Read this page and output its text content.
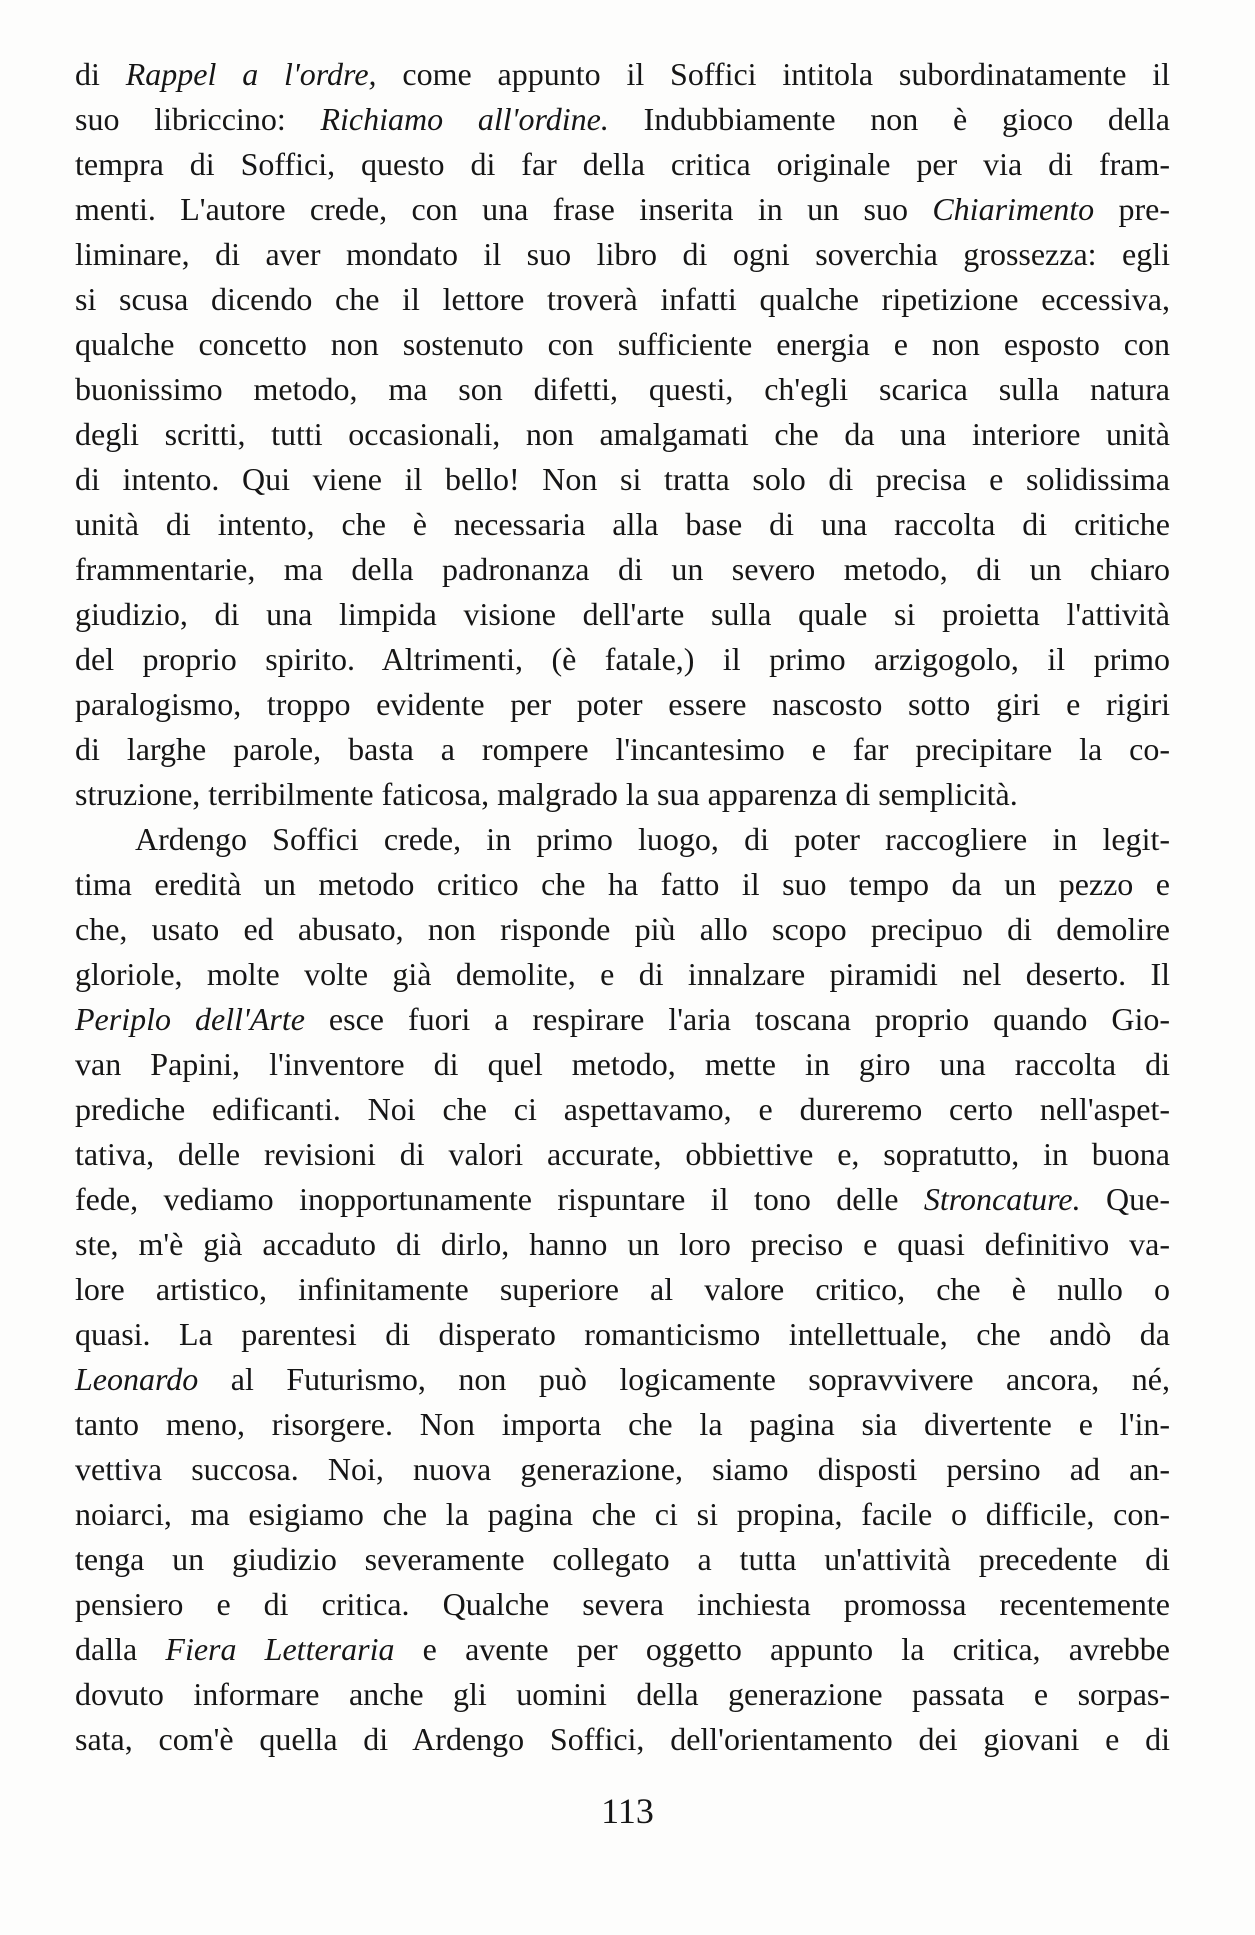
di Rappel a l'ordre, come appunto il Soffici intitola subordinatamente il
suo libriccino: Richiamo all'ordine. Indubbiamente non è gioco della
tempra di Soffici, questo di far della critica originale per via di fram-
menti. L'autore crede, con una frase inserita in un suo Chiarimento pre-
liminare, di aver mondato il suo libro di ogni soverchia grossezza: egli
si scusa dicendo che il lettore troverà infatti qualche ripetizione eccessiva,
qualche concetto non sostenuto con sufficiente energia e non esposto con
buonissimo metodo, ma son difetti, questi, ch'egli scarica sulla natura
degli scritti, tutti occasionali, non amalgamati che da una interiore unità
di intento. Qui viene il bello! Non si tratta solo di precisa e solidissima
unità di intento, che è necessaria alla base di una raccolta di critiche
frammentarie, ma della padronanza di un severo metodo, di un chiaro
giudizio, di una limpida visione dell'arte sulla quale si proietta l'attività
del proprio spirito. Altrimenti, (è fatale,) il primo arzigogolo, il primo
paralogismo, troppo evidente per poter essere nascosto sotto giri e rigiri
di larghe parole, basta a rompere l'incantesimo e far precipitare la co-
struzione, terribilmente faticosa, malgrado la sua apparenza di semplicità.
Ardengo Soffici crede, in primo luogo, di poter raccogliere in legit-
tima eredità un metodo critico che ha fatto il suo tempo da un pezzo e
che, usato ed abusato, non risponde più allo scopo precipuo di demolire
gloriole, molte volte già demolite, e di innalzare piramidi nel deserto. Il
Periplo dell'Arte esce fuori a respirare l'aria toscana proprio quando Gio-
van Papini, l'inventore di quel metodo, mette in giro una raccolta di
prediche edificanti. Noi che ci aspettavamo, e dureremo certo nell'aspet-
tativa, delle revisioni di valori accurate, obbiettive e, sopratutto, in buona
fede, vediamo inopportunamente rispuntare il tono delle Stroncature. Que-
ste, m'è già accaduto di dirlo, hanno un loro preciso e quasi definitivo va-
lore artistico, infinitamente superiore al valore critico, che è nullo o
quasi. La parentesi di disperato romanticismo intellettuale, che andò da
Leonardo al Futurismo, non può logicamente sopravvivere ancora, né,
tanto meno, risorgere. Non importa che la pagina sia divertente e l'in-
vettiva succosa. Noi, nuova generazione, siamo disposti persino ad an-
noiarci, ma esigiamo che la pagina che ci si propina, facile o difficile, con-
tenga un giudizio severamente collegato a tutta un'attività precedente di
pensiero e di critica. Qualche severa inchiesta promossa recentemente
dalla Fiera Letteraria e avente per oggetto appunto la critica, avrebbe
dovuto informare anche gli uomini della generazione passata e sorpas-
sata, com'è quella di Ardengo Soffici, dell'orientamento dei giovani e di
113
